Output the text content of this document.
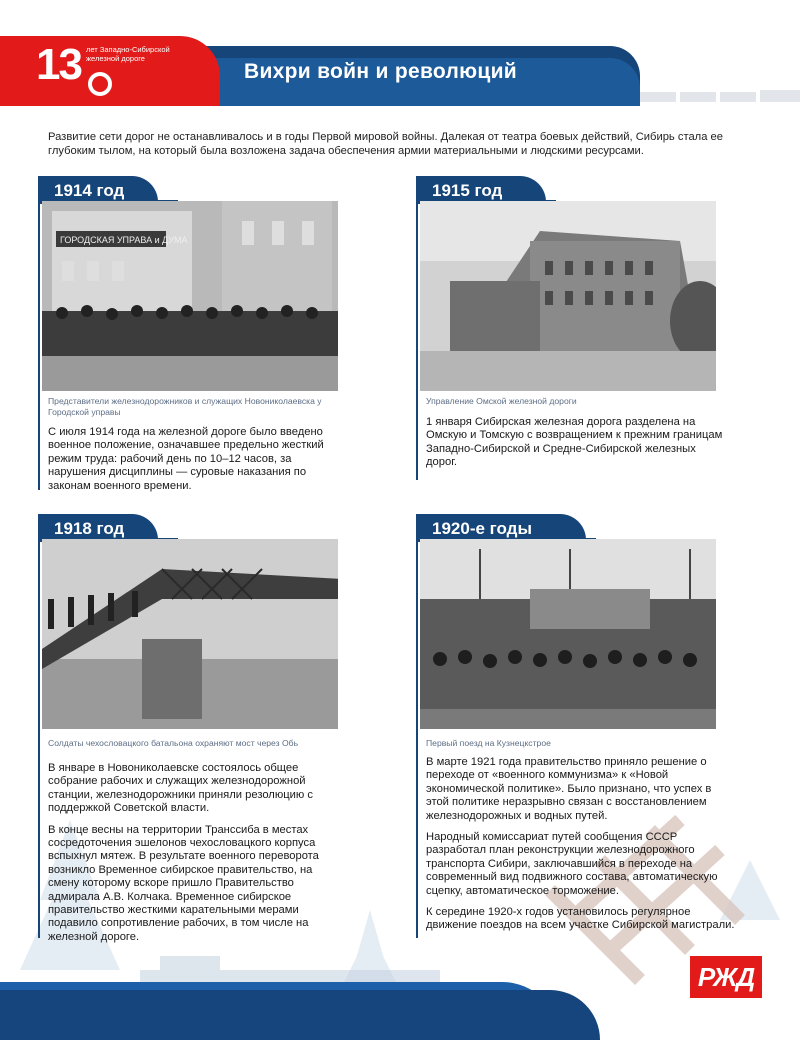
13 лет Западно-Сибирской железной дороге
Вихри войн и революций
Развитие сети дорог не останавливалось и в годы Первой мировой войны. Далекая от театра боевых действий, Сибирь стала ее глубоким тылом, на который была возложена задача обеспечения армии материальными и людскими ресурсами.
1914 год
ГОРОДСКАЯ УПРАВА и ДУМА
Представители железнодорожников и служащих Новониколаевска у Городской управы

С июля 1914 года на железной дороге было введено военное положение, означавшее предельно жесткий режим труда: рабочий день по 10–12 часов, за нарушения дисциплины — суровые наказания по законам военного времени.

1915 год
Управление Омской железной дороги

1 января Сибирская железная дорога разделена на Омскую и Томскую с возвращением к прежним границам Западно-Сибирской и Средне-Сибирской железных дорог.

1918 год
Солдаты чехословацкого батальона охраняют мост через Обь

В январе в Новониколаевске состоялось общее собрание рабочих и служащих железнодорожной станции, железнодорожники приняли резолюцию с поддержкой Советской власти.

В конце весны на территории Транссиба в местах сосредоточения эшелонов чехословацкого корпуса вспыхнул мятеж. В результате военного переворота возникло Временное сибирское правительство, на смену которому вскоре пришло Правительство адмирала А.В. Колчака. Временное сибирское правительство жесткими карательными мерами подавило сопротивление рабочих, в том числе на железной дороге.

1920-е годы
Первый поезд на Кузнецкстрое

В марте 1921 года правительство приняло решение о переходе от «военного коммунизма» к «Новой экономической политике». Было признано, что успех в этой политике неразрывно связан с восстановлением железнодорожных и водных путей.

Народный комиссариат путей сообщения СССР разработал план реконструкции железнодорожного транспорта Сибири, заключавшийся в переходе на современный вид подвижного состава, автоматическую сцепку, автоматическое торможение.

К середине 1920-х годов установилось регулярное движение поездов на всем участке Сибирской магистрали.

РЖД
